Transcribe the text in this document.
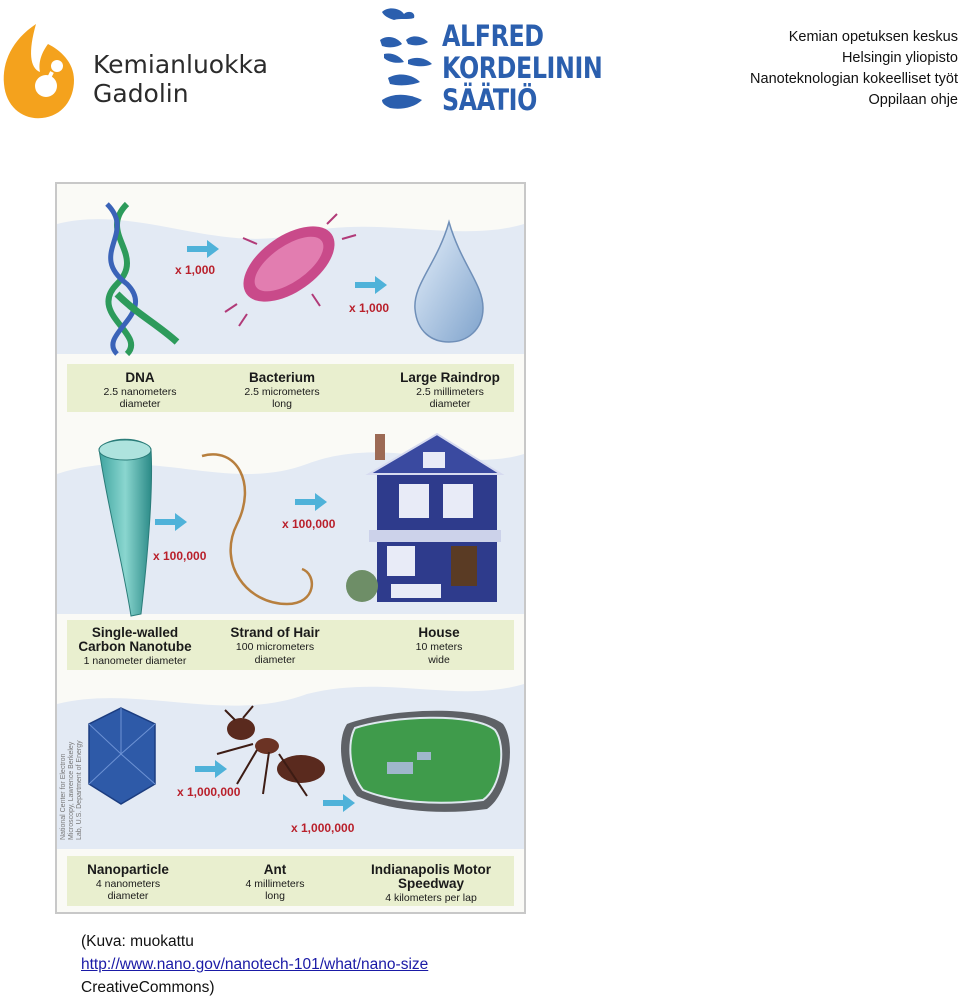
Kemianluokka
Gadolin
ALFRED
KORDELININ
SÄÄTIÖ
Kemian opetuksen keskus
Helsingin yliopisto
Nanoteknologian kokeelliset työt
Oppilaan ohje
x 1,000
x 1,000
DNA
2.5 nanometers
diameter
Bacterium
2.5 micrometers
long
Large Raindrop
2.5 millimeters
diameter
x 100,000
x 100,000
Single-walled
Carbon Nanotube
1 nanometer diameter
Strand of Hair
100 micrometers
diameter
House
10 meters
wide
x 1,000,000
x 1,000,000
National Center for Electron Microscopy, Lawrence Berkeley Lab, U.S. Department of Energy
Nanoparticle
4 nanometers
diameter
Ant
4 millimeters
long
Indianapolis Motor
Speedway
4 kilometers per lap
(Kuva: muokattu
http://www.nano.gov/nanotech-101/what/nano-size
CreativeCommons)
